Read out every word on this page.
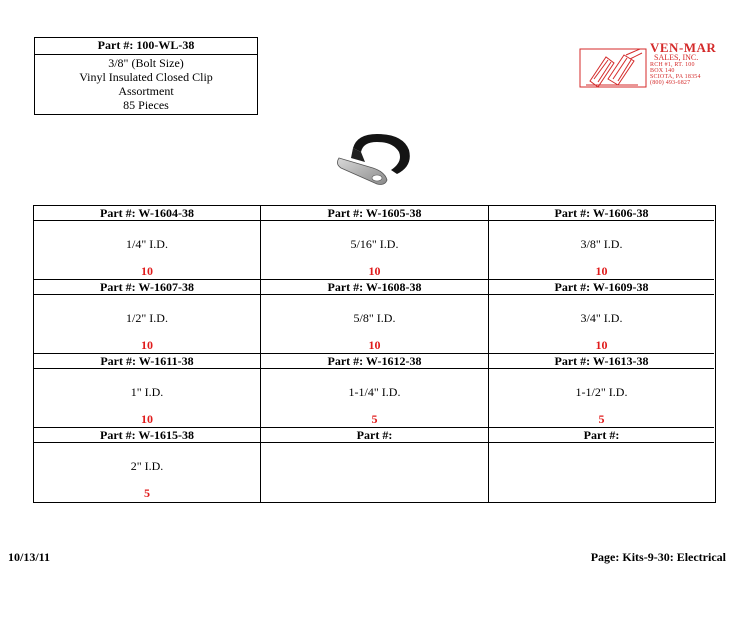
Part #: 100-WL-38
3/8" (Bolt Size)
Vinyl Insulated Closed Clip
Assortment
85 Pieces
VEN-MAR
SALES, INC.
RCH #1, RT. 100
BOX 140
SCIOTA, PA 18354
(800) 493-6827
Part #: W-1604-38
1/4" I.D.
10
Part #: W-1605-38
5/16" I.D.
10
Part #: W-1606-38
3/8" I.D.
10
Part #: W-1607-38
1/2" I.D.
10
Part #: W-1608-38
5/8" I.D.
10
Part #: W-1609-38
3/4" I.D.
10
Part #: W-1611-38
1" I.D.
10
Part #: W-1612-38
1-1/4" I.D.
5
Part #: W-1613-38
1-1/2" I.D.
5
Part #: W-1615-38
2" I.D.
5
Part #:	Part #:
10/13/11	Page: Kits-9-30: Electrical
